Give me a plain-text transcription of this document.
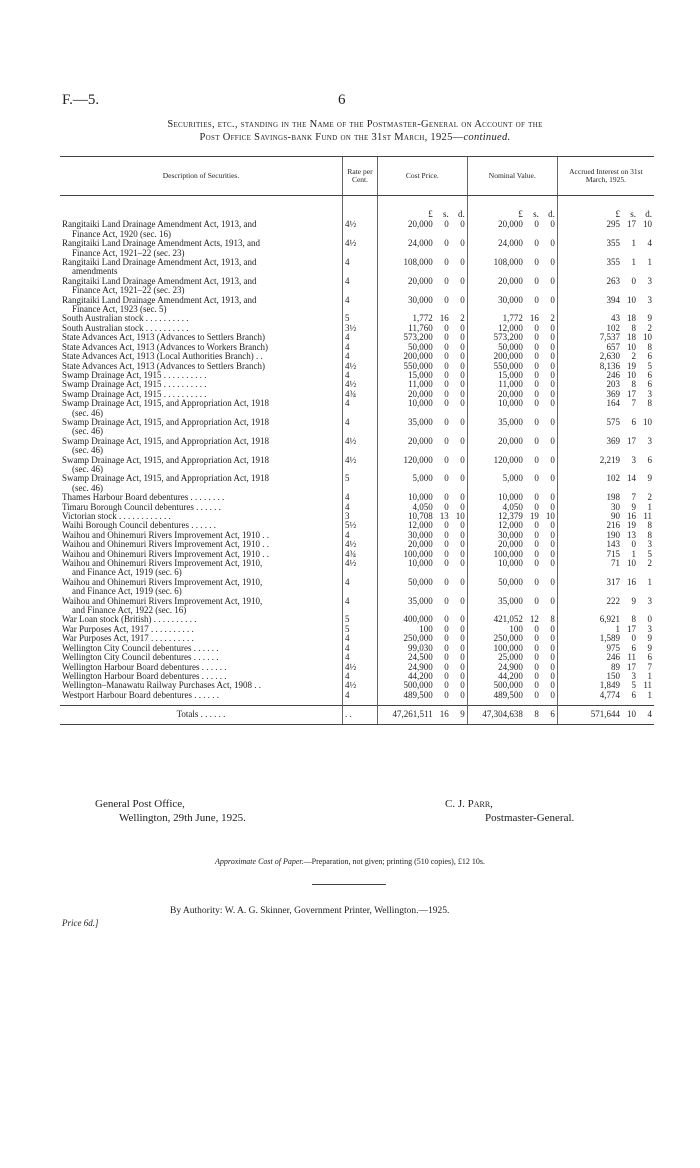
F.—5.	6
Securities, etc., standing in the Name of the Postmaster-General on Account of the
Post Office Savings-bank Fund on the 31st March, 1925—continued.
Description of Securities.	Rate per Cent.	Cost Price.			Nominal Value.			Accrued Interest on 31st March, 1925.		
		£	s.	d.	£	s.	d.	£	s.	d.
Rangitaiki Land Drainage Amendment Act, 1913, and
Finance Act, 1920 (sec. 16)	4½	20,000	0	0	20,000	0	0	295	17	10
Rangitaiki Land Drainage Amendment Acts, 1913, and
Finance Act, 1921–22 (sec. 23)	4½	24,000	0	0	24,000	0	0	355	1	4
Rangitaiki Land Drainage Amendment Act, 1913, and
amendments	4	108,000	0	0	108,000	0	0	355	1	1
Rangitaiki Land Drainage Amendment Act, 1913, and
Finance Act, 1921–22 (sec. 23)	4	20,000	0	0	20,000	0	0	263	0	3
Rangitaiki Land Drainage Amendment Act, 1913, and
Finance Act, 1923 (sec. 5)	4	30,000	0	0	30,000	0	0	394	10	3
South Australian stock . . . . . . . . . .	5	1,772	16	2	1,772	16	2	43	18	9
South Australian stock . . . . . . . . . .	3½	11,760	0	0	12,000	0	0	102	8	2
State Advances Act, 1913 (Advances to Settlers Branch)	4	573,200	0	0	573,200	0	0	7,537	18	10
State Advances Act, 1913 (Advances to Workers Branch)	4	50,000	0	0	50,000	0	0	657	10	8
State Advances Act, 1913 (Local Authorities Branch) . .	4	200,000	0	0	200,000	0	0	2,630	2	6
State Advances Act, 1913 (Advances to Settlers Branch)	4½	550,000	0	0	550,000	0	0	8,136	19	5
Swamp Drainage Act, 1915 . . . . . . . . . .	4	15,000	0	0	15,000	0	0	246	10	6
Swamp Drainage Act, 1915 . . . . . . . . . .	4½	11,000	0	0	11,000	0	0	203	8	6
Swamp Drainage Act, 1915 . . . . . . . . . .	4¾	20,000	0	0	20,000	0	0	369	17	3
Swamp Drainage Act, 1915, and Appropriation Act, 1918
(sec. 46)	4	10,000	0	0	10,000	0	0	164	7	8
Swamp Drainage Act, 1915, and Appropriation Act, 1918
(sec. 46)	4	35,000	0	0	35,000	0	0	575	6	10
Swamp Drainage Act, 1915, and Appropriation Act, 1918
(sec. 46)	4½	20,000	0	0	20,000	0	0	369	17	3
Swamp Drainage Act, 1915, and Appropriation Act, 1918
(sec. 46)	4½	120,000	0	0	120,000	0	0	2,219	3	6
Swamp Drainage Act, 1915, and Appropriation Act, 1918
(sec. 46)	5	5,000	0	0	5,000	0	0	102	14	9
Thames Harbour Board debentures . . . . . . . .	4	10,000	0	0	10,000	0	0	198	7	2
Timaru Borough Council debentures . . . . . .	4	4,050	0	0	4,050	0	0	30	9	1
Victorian stock . . . . . . . . . . . .	3	10,708	13	10	12,379	19	10	90	16	11
Waihi Borough Council debentures . . . . . .	5½	12,000	0	0	12,000	0	0	216	19	8
Waihou and Ohinemuri Rivers Improvement Act, 1910 . .	4	30,000	0	0	30,000	0	0	190	13	8
Waihou and Ohinemuri Rivers Improvement Act, 1910 . .	4½	20,000	0	0	20,000	0	0	143	0	3
Waihou and Ohinemuri Rivers Improvement Act, 1910 . .	4¾	100,000	0	0	100,000	0	0	715	1	5
Waihou and Ohinemuri Rivers Improvement Act, 1910,
and Finance Act, 1919 (sec. 6)	4½	10,000	0	0	10,000	0	0	71	10	2
Waihou and Ohinemuri Rivers Improvement Act, 1910,
and Finance Act, 1919 (sec. 6)	4	50,000	0	0	50,000	0	0	317	16	1
Waihou and Ohinemuri Rivers Improvement Act, 1910,
and Finance Act, 1922 (sec. 16)	4	35,000	0	0	35,000	0	0	222	9	3
War Loan stock (British) . . . . . . . . . .	5	400,000	0	0	421,052	12	8	6,921	8	0
War Purposes Act, 1917 . . . . . . . . . .	5	100	0	0	100	0	0	1	17	3
War Purposes Act, 1917 . . . . . . . . . .	4	250,000	0	0	250,000	0	0	1,589	0	9
Wellington City Council debentures . . . . . .	4	99,030	0	0	100,000	0	0	975	6	9
Wellington City Council debentures . . . . . .	4	24,500	0	0	25,000	0	0	246	11	6
Wellington Harbour Board debentures . . . . . .	4½	24,900	0	0	24,900	0	0	89	17	7
Wellington Harbour Board debentures . . . . . .	4	44,200	0	0	44,200	0	0	150	3	1
Wellington–Manawatu Railway Purchases Act, 1908 . .	4½	500,000	0	0	500,000	0	0	1,849	5	11
Westport Harbour Board debentures . . . . . .	4	489,500	0	0	489,500	0	0	4,774	6	1

Totals . . . . . .	. .	47,261,511	16	9	47,304,638	8	6	571,644	10	4
General Post Office,
Wellington, 29th June, 1925.
C. J. Parr,
Postmaster-General.
Approximate Cost of Paper.—Preparation, not given; printing (510 copies), £12 10s.
By Authority: W. A. G. Skinner, Government Printer, Wellington.—1925.
Price 6d.]
